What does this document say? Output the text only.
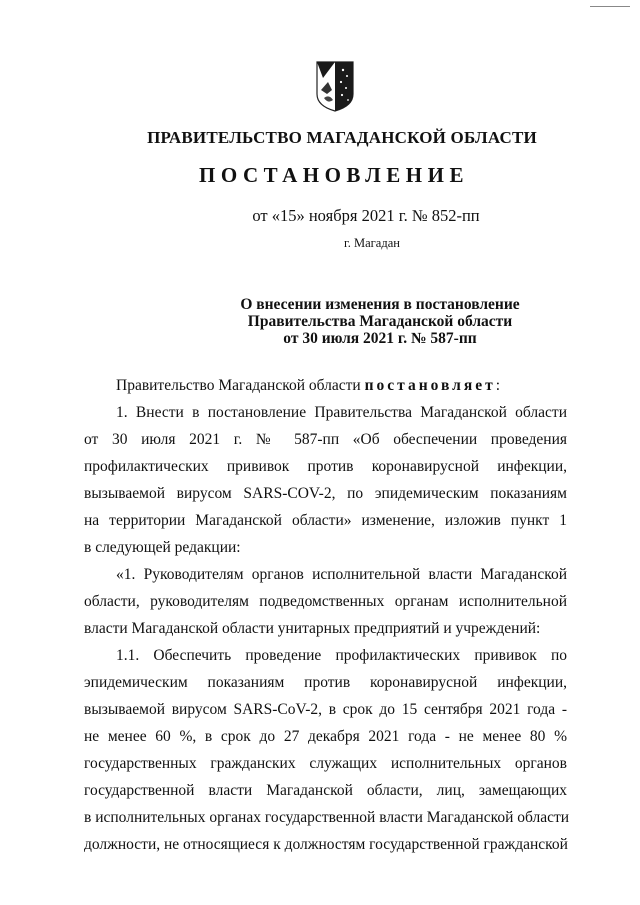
ПРАВИТЕЛЬСТВО МАГАДАНСКОЙ ОБЛАСТИ
ПОСТАНОВЛЕНИЕ
от «15» ноября 2021 г. № 852-пп
г. Магадан
О внесении изменения в постановление
Правительства Магаданской области
от 30 июля 2021 г. № 587-пп
Правительство Магаданской области постановляет:
1. Внести в постановление Правительства Магаданской области
от 30 июля 2021 г. № 587-пп «Об обеспечении проведения
профилактических прививок против коронавирусной инфекции,
вызываемой вирусом SARS-COV-2, по эпидемическим показаниям
на территории Магаданской области» изменение, изложив пункт 1
в следующей редакции:
«1. Руководителям органов исполнительной власти Магаданской
области, руководителям подведомственных органам исполнительной
власти Магаданской области унитарных предприятий и учреждений:
1.1. Обеспечить проведение профилактических прививок по
эпидемическим показаниям против коронавирусной инфекции,
вызываемой вирусом SARS-CoV-2, в срок до 15 сентября 2021 года -
не менее 60 %, в срок до 27 декабря 2021 года - не менее 80 %
государственных гражданских служащих исполнительных органов
государственной власти Магаданской области, лиц, замещающих
в исполнительных органах государственной власти Магаданской области
должности, не относящиеся к должностям государственной гражданской
